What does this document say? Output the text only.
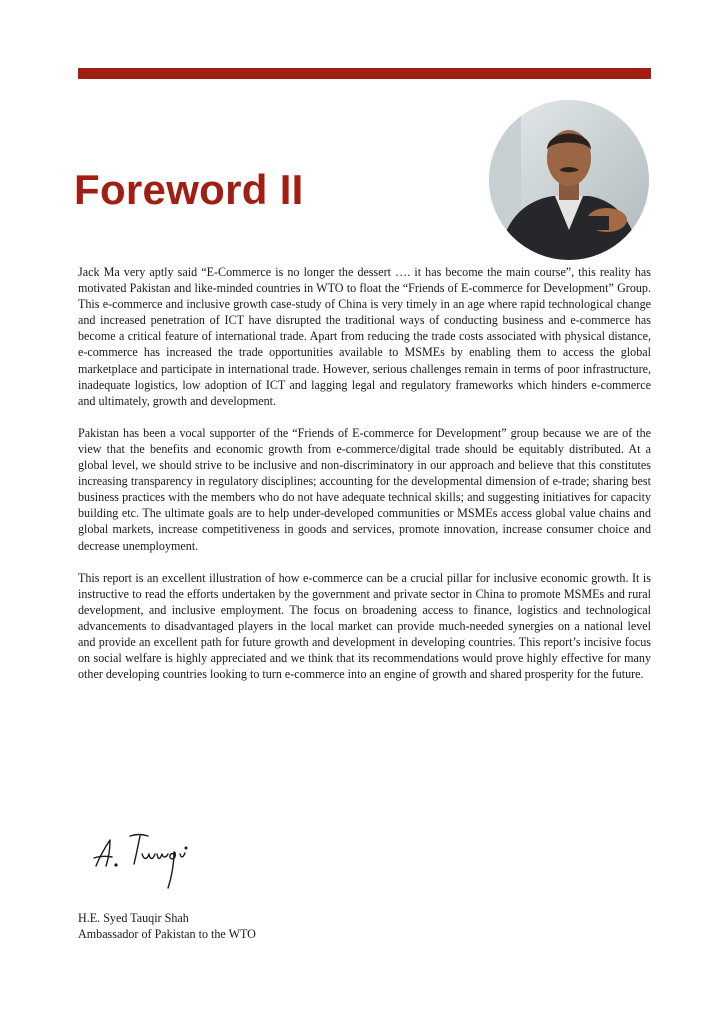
Foreword II

Jack Ma very aptly said “E-Commerce is no longer the dessert …. it has become the main course”, this reality has motivated Pakistan and like-minded countries in WTO to float the “Friends of E-commerce for Development” Group. This e-commerce and inclusive growth case-study of China is very timely in an age where rapid technological change and increased penetration of ICT have disrupted the traditional ways of conducting business and e-commerce has become a critical feature of international trade. Apart from reducing the trade costs associated with physical distance, e-commerce has increased the trade opportunities available to MSMEs by enabling them to access the global marketplace and participate in international trade. However, serious challenges remain in terms of poor infrastructure, inadequate logistics, low adoption of ICT and lagging legal and regulatory frameworks which hinders e-commerce and ultimately, growth and development.

Pakistan has been a vocal supporter of the “Friends of E-commerce for Development” group because we are of the view that the benefits and economic growth from e-commerce/digital trade should be equitably distributed. At a global level, we should strive to be inclusive and non-discriminatory in our approach and believe that this constitutes increasing transparency in regulatory disciplines; accounting for the developmental dimension of e-trade; sharing best business practices with the members who do not have adequate technical skills; and suggesting initiatives for capacity building etc. The ultimate goals are to help under-developed communities or MSMEs access global value chains and global markets, increase competitiveness in goods and services, promote innovation, increase consumer choice and decrease unemployment.

This report is an excellent illustration of how e-commerce can be a crucial pillar for inclusive economic growth. It is instructive to read the efforts undertaken by the government and private sector in China to promote MSMEs and rural development, and inclusive employment. The focus on broadening access to finance, logistics and technological advancements to disadvantaged players in the local market can provide much-needed synergies on a national level and provide an excellent path for future growth and development in developing countries. This report’s incisive focus on social welfare is highly appreciated and we think that its recommendations would prove highly effective for many other developing countries looking to turn e-commerce into an engine of growth and shared prosperity for the future.

H.E. Syed Tauqir Shah
Ambassador of Pakistan to the WTO
